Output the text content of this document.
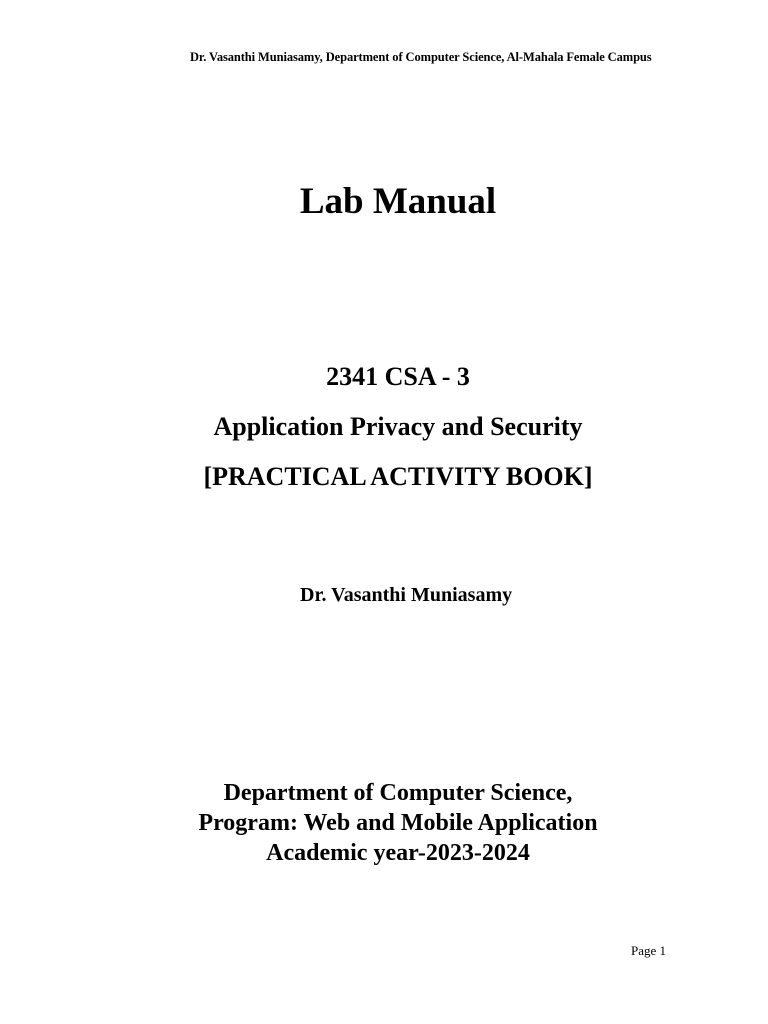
Dr. Vasanthi Muniasamy, Department of Computer Science, Al-Mahala Female Campus
Lab Manual
2341 CSA - 3
Application Privacy and Security
[PRACTICAL ACTIVITY BOOK]
Dr. Vasanthi Muniasamy
Department of Computer Science,
Program: Web and Mobile Application
Academic year-2023-2024
Page 1
